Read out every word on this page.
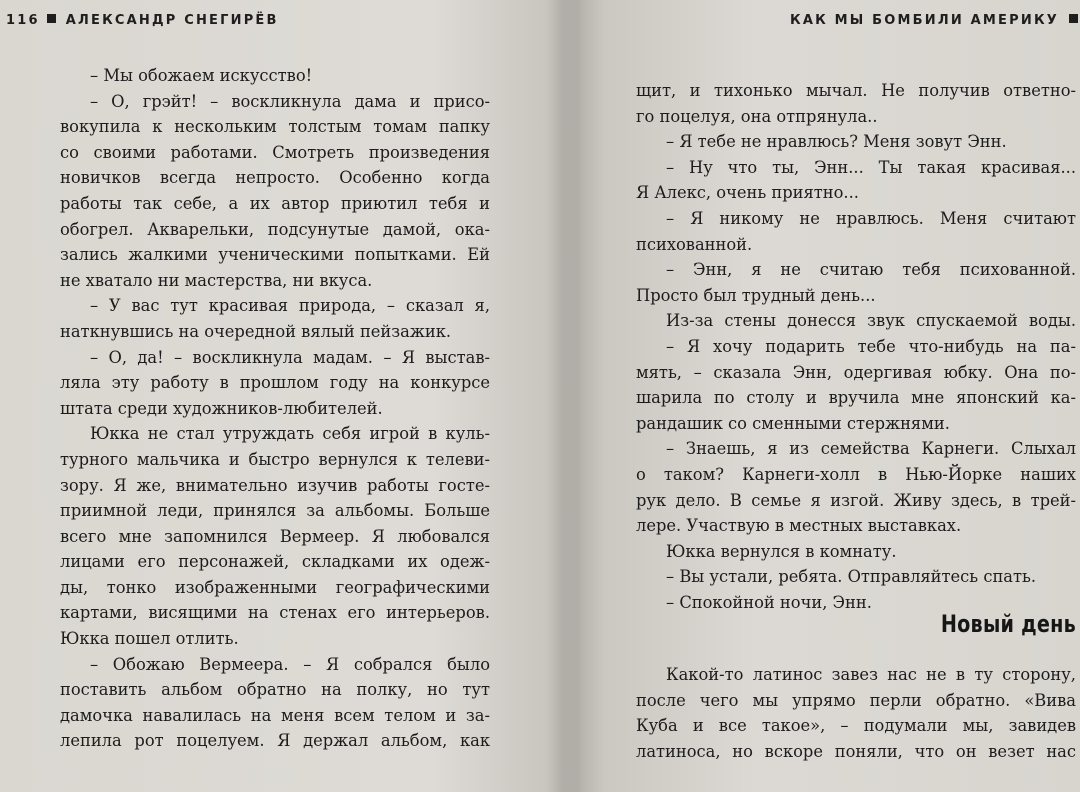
116 АЛЕКСАНДР СНЕГИРЁВ
– Мы обожаем искусство!
– О, грэйт! – воскликнула дама и присо-
вокупила к нескольким толстым томам папку
со своими работами. Смотреть произведения
новичков всегда непросто. Особенно когда
работы так себе, а их автор приютил тебя и
обогрел. Акварельки, подсунутые дамой, ока-
зались жалкими ученическими попытками. Ей
не хватало ни мастерства, ни вкуса.
– У вас тут красивая природа, – сказал я,
наткнувшись на очередной вялый пейзажик.
– О, да! – воскликнула мадам. – Я выстав-
ляла эту работу в прошлом году на конкурсе
штата среди художников-любителей.
Юкка не стал утруждать себя игрой в куль-
турного мальчика и быстро вернулся к телеви-
зору. Я же, внимательно изучив работы госте-
приимной леди, принялся за альбомы. Больше
всего мне запомнился Вермеер. Я любовался
лицами его персонажей, складками их одеж-
ды, тонко изображенными географическими
картами, висящими на стенах его интерьеров.
Юкка пошел отлить.
– Обожаю Вермеера. – Я собрался было
поставить альбом обратно на полку, но тут
дамочка навалилась на меня всем телом и за-
лепила рот поцелуем. Я держал альбом, как
КАК МЫ БОМБИЛИ АМЕРИКУ
щит, и тихонько мычал. Не получив ответно-
го поцелуя, она отпрянула..
– Я тебе не нравлюсь? Меня зовут Энн.
– Ну что ты, Энн... Ты такая красивая...
Я Алекс, очень приятно...
– Я никому не нравлюсь. Меня считают
психованной.
– Энн, я не считаю тебя психованной.
Просто был трудный день...
Из-за стены донесся звук спускаемой воды.
– Я хочу подарить тебе что-нибудь на па-
мять, – сказала Энн, одергивая юбку. Она по-
шарила по столу и вручила мне японский ка-
рандашик со сменными стержнями.
– Знаешь, я из семейства Карнеги. Слыхал
о таком? Карнеги-холл в Нью-Йорке наших
рук дело. В семье я изгой. Живу здесь, в трей-
лере. Участвую в местных выставках.
Юкка вернулся в комнату.
– Вы устали, ребята. Отправляйтесь спать.
– Спокойной ночи, Энн.
Новый день
Какой-то латинос завез нас не в ту сторону,
после чего мы упрямо перли обратно. «Вива
Куба и все такое», – подумали мы, завидев
латиноса, но вскоре поняли, что он везет нас
